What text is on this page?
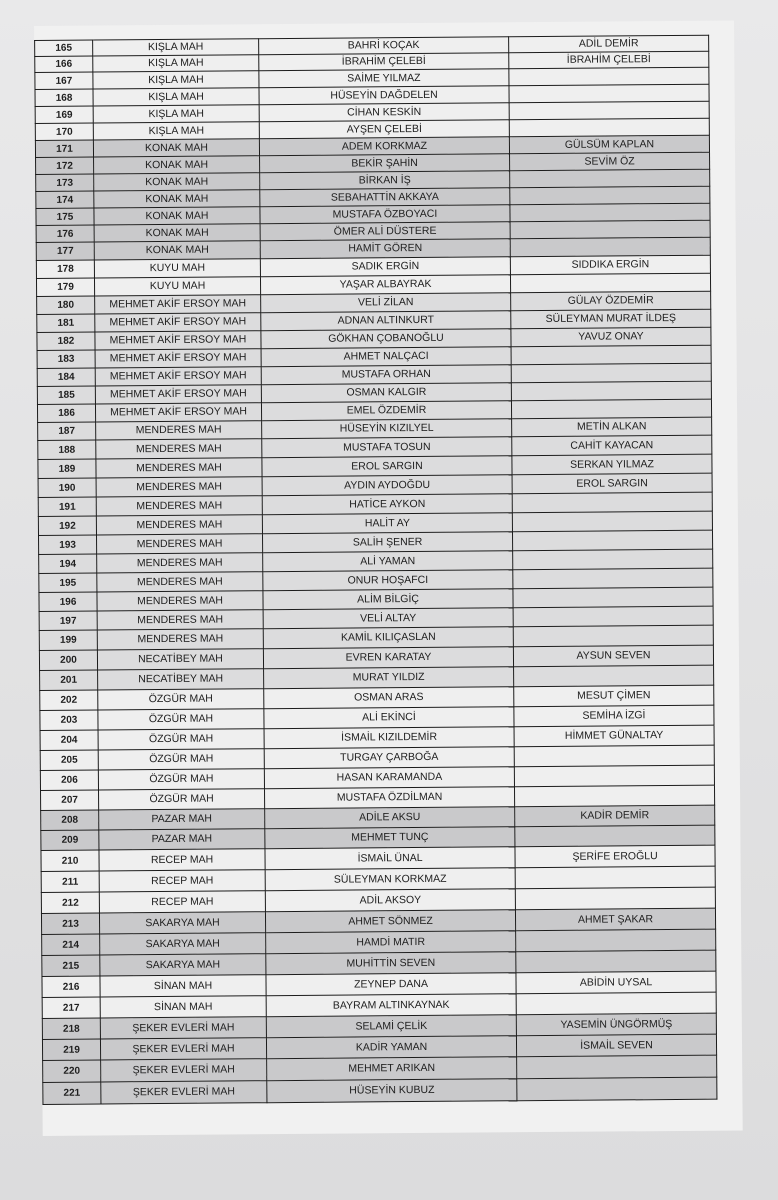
165	KIŞLA MAH	BAHRİ KOÇAK	ADİL DEMİR
166	KIŞLA MAH	İBRAHİM ÇELEBİ	İBRAHİM ÇELEBİ
167	KIŞLA MAH	SAİME YILMAZ	
168	KIŞLA MAH	HÜSEYİN DAĞDELEN	
169	KIŞLA MAH	CİHAN KESKİN	
170	KIŞLA MAH	AYŞEN ÇELEBİ	
171	KONAK MAH	ADEM KORKMAZ	GÜLSÜM KAPLAN
172	KONAK MAH	BEKİR ŞAHİN	SEVİM ÖZ
173	KONAK MAH	BİRKAN İŞ	
174	KONAK MAH	SEBAHATTİN AKKAYA	
175	KONAK MAH	MUSTAFA ÖZBOYACI	
176	KONAK MAH	ÖMER ALİ DÜSTERE	
177	KONAK MAH	HAMİT GÖREN	
178	KUYU MAH	SADIK ERGİN	SIDDIKA ERGİN
179	KUYU MAH	YAŞAR ALBAYRAK	
180	MEHMET AKİF ERSOY MAH	VELİ ZİLAN	GÜLAY ÖZDEMİR
181	MEHMET AKİF ERSOY MAH	ADNAN ALTINKURT	SÜLEYMAN MURAT İLDEŞ
182	MEHMET AKİF ERSOY MAH	GÖKHAN ÇOBANOĞLU	YAVUZ ONAY
183	MEHMET AKİF ERSOY MAH	AHMET NALÇACI	
184	MEHMET AKİF ERSOY MAH	MUSTAFA ORHAN	
185	MEHMET AKİF ERSOY MAH	OSMAN KALGIR	
186	MEHMET AKİF ERSOY MAH	EMEL ÖZDEMİR	
187	MENDERES MAH	HÜSEYİN KIZILYEL	METİN ALKAN
188	MENDERES MAH	MUSTAFA TOSUN	CAHİT KAYACAN
189	MENDERES MAH	EROL SARGIN	SERKAN YILMAZ
190	MENDERES MAH	AYDIN AYDOĞDU	EROL SARGIN
191	MENDERES MAH	HATİCE AYKON	
192	MENDERES MAH	HALİT AY	
193	MENDERES MAH	SALİH ŞENER	
194	MENDERES MAH	ALİ YAMAN	
195	MENDERES MAH	ONUR HOŞAFCI	
196	MENDERES MAH	ALİM BİLGİÇ	
197	MENDERES MAH	VELİ ALTAY	
199	MENDERES MAH	KAMİL KILIÇASLAN	
200	NECATİBEY MAH	EVREN KARATAY	AYSUN SEVEN
201	NECATİBEY MAH	MURAT YILDIZ	
202	ÖZGÜR MAH	OSMAN ARAS	MESUT ÇİMEN
203	ÖZGÜR MAH	ALİ EKİNCİ	SEMİHA İZGİ
204	ÖZGÜR MAH	İSMAİL KIZILDEMİR	HİMMET GÜNALTAY
205	ÖZGÜR MAH	TURGAY ÇARBOĞA	
206	ÖZGÜR MAH	HASAN KARAMANDA	
207	ÖZGÜR MAH	MUSTAFA ÖZDİLMAN	
208	PAZAR MAH	ADİLE AKSU	KADİR DEMİR
209	PAZAR MAH	MEHMET TUNÇ	
210	RECEP MAH	İSMAİL ÜNAL	ŞERİFE EROĞLU
211	RECEP MAH	SÜLEYMAN KORKMAZ	
212	RECEP MAH	ADİL AKSOY	
213	SAKARYA MAH	AHMET SÖNMEZ	AHMET ŞAKAR
214	SAKARYA MAH	HAMDİ MATIR	
215	SAKARYA MAH	MUHİTTİN SEVEN	
216	SİNAN MAH	ZEYNEP DANA	ABİDİN UYSAL
217	SİNAN MAH	BAYRAM ALTINKAYNAK	
218	ŞEKER EVLERİ MAH	SELAMİ ÇELİK	YASEMİN ÜNGÖRMÜŞ
219	ŞEKER EVLERİ MAH	KADİR YAMAN	İSMAİL SEVEN
220	ŞEKER EVLERİ MAH	MEHMET ARIKAN	
221	ŞEKER EVLERİ MAH	HÜSEYİN KUBUZ	
